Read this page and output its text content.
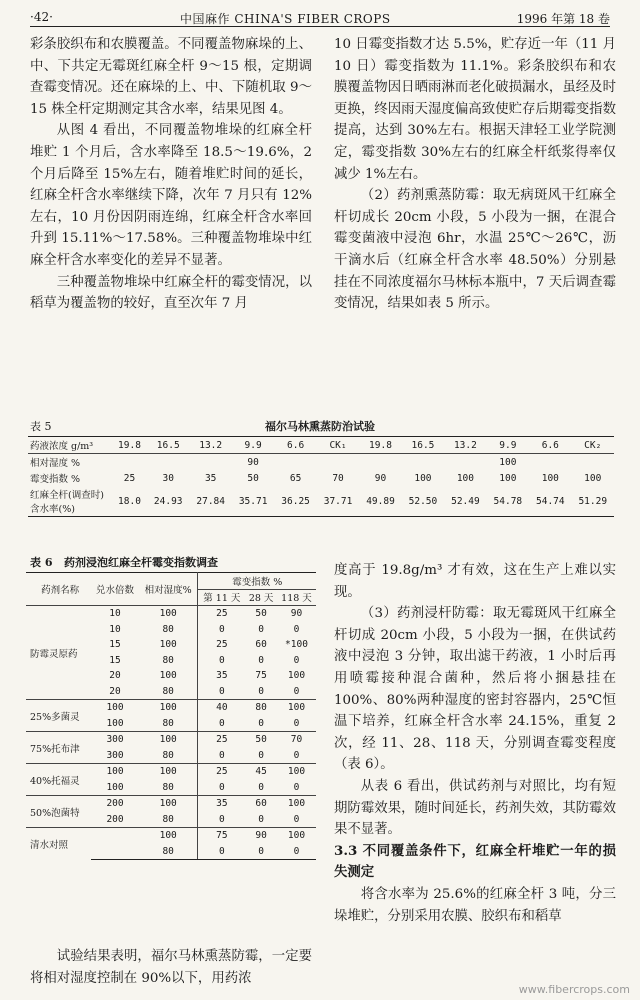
·42·	中国麻作 CHINA'S FIBER CROPS	1996 年第 18 卷

彩条胶织布和农膜覆盖。不同覆盖物麻垛的上、中、下共定无霉斑红麻全杆 9～15 根，定期调查霉变情况。还在麻垛的上、中、下随机取 9～15 株全杆定期测定其含水率，结果见图 4。

从图 4 看出，不同覆盖物堆垛的红麻全杆堆贮 1 个月后，含水率降至 18.5～19.6%，2 个月后降至 15%左右，随着堆贮时间的延长，红麻全杆含水率继续下降，次年 7 月只有 12%左右，10 月份因阴雨连绵，红麻全杆含水率回升到 15.11%～17.58%。三种覆盖物堆垛中红麻全杆含水率变化的差异不显著。

三种覆盖物堆垛中红麻全杆的霉变情况，以稻草为覆盖物的较好，直至次年 7 月

10 日霉变指数才达 5.5%，贮存近一年（11 月 10 日）霉变指数为 11.1%。彩条胶织布和农膜覆盖物因日晒雨淋而老化破损漏水，虽经及时更换，终因雨天湿度偏高致使贮存后期霉变指数提高，达到 30%左右。根据天津轻工业学院测定，霉变指数 30%左右的红麻全杆纸浆得率仅减少 1%左右。

（2）药剂熏蒸防霉：取无病斑风干红麻全杆切成长 20cm 小段，5 小段为一捆，在混合霉变菌液中浸泡 6hr，水温 25℃～26℃，沥干滴水后（红麻全杆含水率 48.50%）分别悬挂在不同浓度福尔马林标本瓶中，7 天后调查霉变情况，结果如表 5 所示。

表 5	福尔马林熏蒸防治试验
药液浓度 g/m³	19.8	16.5	13.2	9.9	6.6	CK₁	19.8	16.5	13.2	9.9	6.6	CK₂
相对湿度 %				90						100		
霉变指数 %	25	30	35	50	65	70	90	100	100	100	100	100
红麻全杆(调查时)含水率(%)	18.0	24.93	27.84	35.71	36.25	37.71	49.89	52.50	52.49	54.78	54.74	51.29
表 6 药剂浸泡红麻全杆霉变指数调查
药剂名称	兑水倍数	相对湿度%	霉变指数 %		
			第 11 天	28 天	118 天
防霉灵原药	10	100	25	50	90
	10	80	0	0	0
	15	100	25	60	*100
	15	80	0	0	0
	20	100	35	75	100
	20	80	0	0	0
25%多菌灵	100	100	40	80	100
	100	80	0	0	0
75%托布津	300	100	25	50	70
	300	80	0	0	0
40%托福灵	100	100	25	45	100
	100	80	0	0	0
50%泡菌特	200	100	35	60	100
	200	80	0	0	0
清水对照		100	75	90	100
		80	0	0	0

度高于 19.8g/m³ 才有效，这在生产上难以实现。

（3）药剂浸杆防霉：取无霉斑风干红麻全杆切成 20cm 小段，5 小段为一捆，在供试药液中浸泡 3 分钟，取出滤干药液，1 小时后再用喷霉接种混合菌种，然后将小捆悬挂在 100%、80%两种湿度的密封容器内，25℃恒温下培养，红麻全杆含水率 24.15%，重复 2 次，经 11、28、118 天，分别调查霉变程度（表 6）。

从表 6 看出，供试药剂与对照比，均有短期防霉效果，随时间延长，药剂失效，其防霉效果不显著。

3.3 不同覆盖条件下，红麻全杆堆贮一年的损失测定

将含水率为 25.6%的红麻全杆 3 吨，分三垛堆贮，分别采用农膜、胶织布和稻草

试验结果表明，福尔马林熏蒸防霉，一定要将相对湿度控制在 90%以下，用药浓

www.fibercrops.com
